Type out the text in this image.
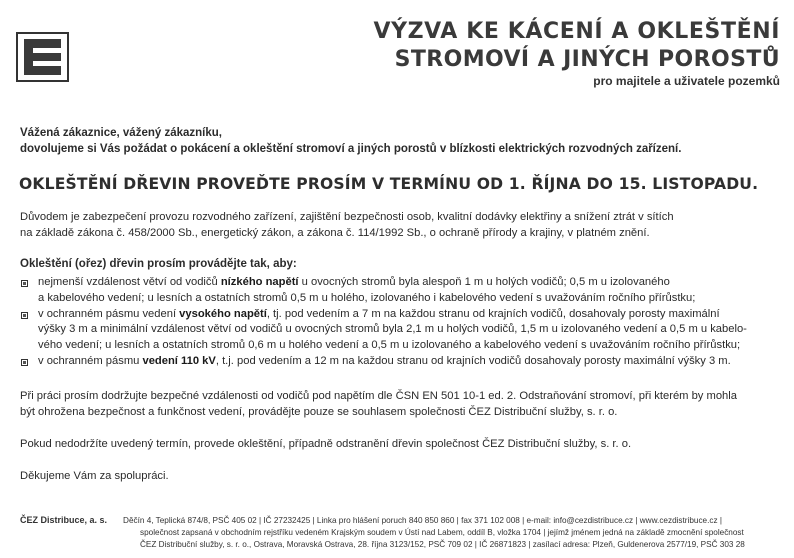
VÝZVA KE KÁCENÍ A OKLEŠTĚNÍ
STROMOVÍ A JINÝCH POROSTŮ
pro majitele a uživatele pozemků
Vážená zákaznice, vážený zákazníku,
dovolujeme si Vás požádat o pokácení a okleštění stromoví a jiných porostů v blízkosti elektrických rozvodných zařízení.
OKLEŠTĚNÍ DŘEVIN PROVEĎTE PROSÍM V TERMÍNU OD 1. ŘÍJNA DO 15. LISTOPADU.
Důvodem je zabezpečení provozu rozvodného zařízení, zajištění bezpečnosti osob, kvalitní dodávky elektřiny a snížení ztrát v sítích
na základě zákona č. 458/2000 Sb., energetický zákon, a zákona č. 114/1992 Sb., o ochraně přírody a krajiny, v platném znění.
Okleštění (ořez) dřevin prosím provádějte tak, aby:
nejmenší vzdálenost větví od vodičů nízkého napětí u ovocných stromů byla alespoň 1 m u holých vodičů; 0,5 m u izolovaného
a kabelového vedení; u lesních a ostatních stromů 0,5 m u holého, izolovaného i kabelového vedení s uvažováním ročního přírůstku;
v ochranném pásmu vedení vysokého napětí, tj. pod vedením a 7 m na každou stranu od krajních vodičů, dosahovaly porosty maximální
výšky 3 m a minimální vzdálenost větví od vodičů u ovocných stromů byla 2,1 m u holých vodičů, 1,5 m u izolovaného vedení a 0,5 m u kabelo-
vého vedení; u lesních a ostatních stromů 0,6 m u holého vedení a 0,5 m u izolovaného a kabelového vedení s uvažováním ročního přírůstku;
v ochranném pásmu vedení 110 kV, t.j. pod vedením a 12 m na každou stranu od krajních vodičů dosahovaly porosty maximální výšky 3 m.
Při práci prosím dodržujte bezpečné vzdálenosti od vodičů pod napětím dle ČSN EN 501 10-1 ed. 2. Odstraňování stromoví, při kterém by mohla
být ohrožena bezpečnost a funkčnost vedení, provádějte pouze se souhlasem společnosti ČEZ Distribuční služby, s. r. o.
Pokud nedodržíte uvedený termín, provede okleštění, případně odstranění dřevin společnost ČEZ Distribuční služby, s. r. o.
Děkujeme Vám za spolupráci.
ČEZ Distribuce, a. s. Děčín 4, Teplická 874/8, PSČ 405 02 | IČ 27232425 | Linka pro hlášení poruch 840 850 860 | fax 371 102 008 | e-mail: info@cezdistribuce.cz | www.cezdistribuce.cz |
společnost zapsaná v obchodním rejstříku vedeném Krajským soudem v Ústí nad Labem, oddíl B, vložka 1704 | jejímž jménem jedná na základě zmocnění společnost
ČEZ Distribuční služby, s. r. o., Ostrava, Moravská Ostrava, 28. října 3123/152, PSČ 709 02 | IČ 26871823 | zasílací adresa: Plzeň, Guldenerova 2577/19, PSČ 303 28
